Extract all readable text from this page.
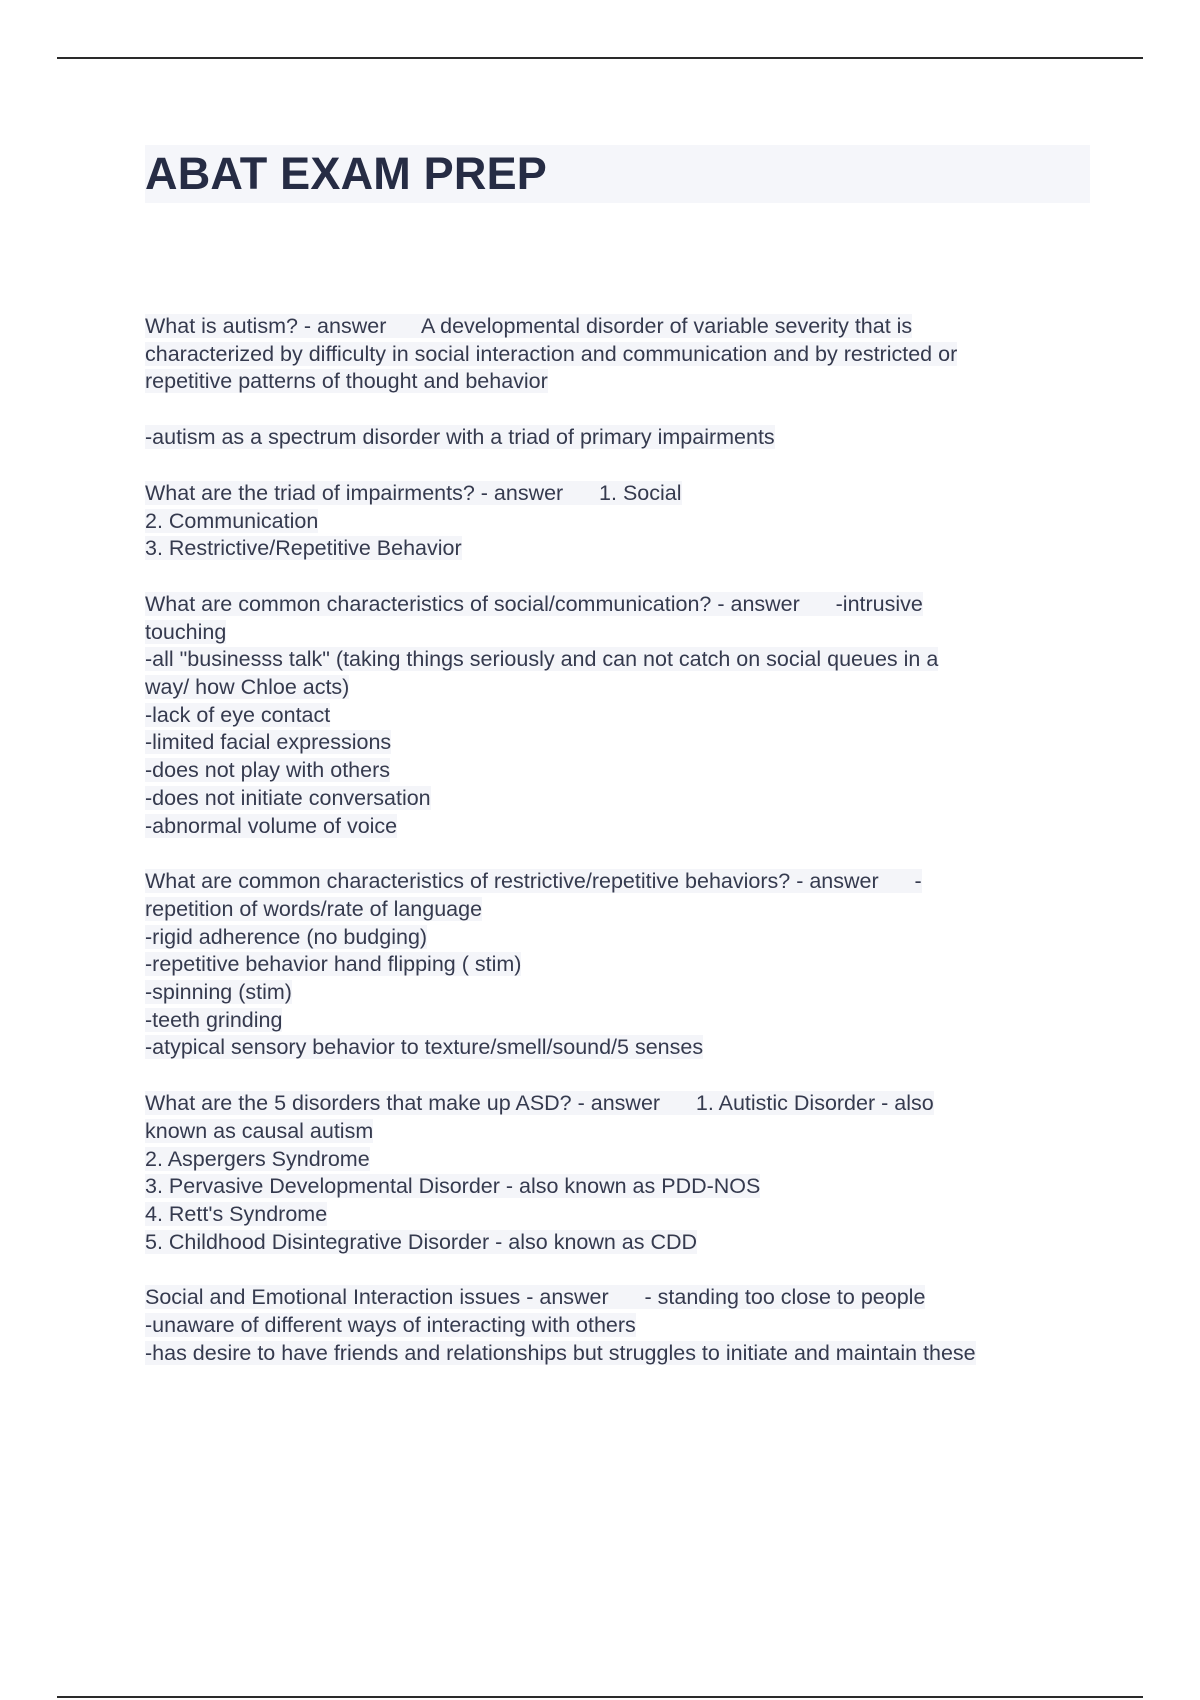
ABAT EXAM PREP
What is autism? - answer      A developmental disorder of variable severity that is
characterized by difficulty in social interaction and communication and by restricted or
repetitive patterns of thought and behavior
-autism as a spectrum disorder with a triad of primary impairments
What are the triad of impairments? - answer      1. Social
2. Communication
3. Restrictive/Repetitive Behavior
What are common characteristics of social/communication? - answer      -intrusive
touching
-all "businesss talk" (taking things seriously and can not catch on social queues in a
way/ how Chloe acts)
-lack of eye contact
-limited facial expressions
-does not play with others
-does not initiate conversation
-abnormal volume of voice
What are common characteristics of restrictive/repetitive behaviors? - answer      -
repetition of words/rate of language
-rigid adherence (no budging)
-repetitive behavior hand flipping ( stim)
-spinning (stim)
-teeth grinding
-atypical sensory behavior to texture/smell/sound/5 senses
What are the 5 disorders that make up ASD? - answer      1. Autistic Disorder - also
known as causal autism
2. Aspergers Syndrome
3. Pervasive Developmental Disorder - also known as PDD-NOS
4. Rett's Syndrome
5. Childhood Disintegrative Disorder - also known as CDD
Social and Emotional Interaction issues - answer      - standing too close to people
-unaware of different ways of interacting with others
-has desire to have friends and relationships but struggles to initiate and maintain these
